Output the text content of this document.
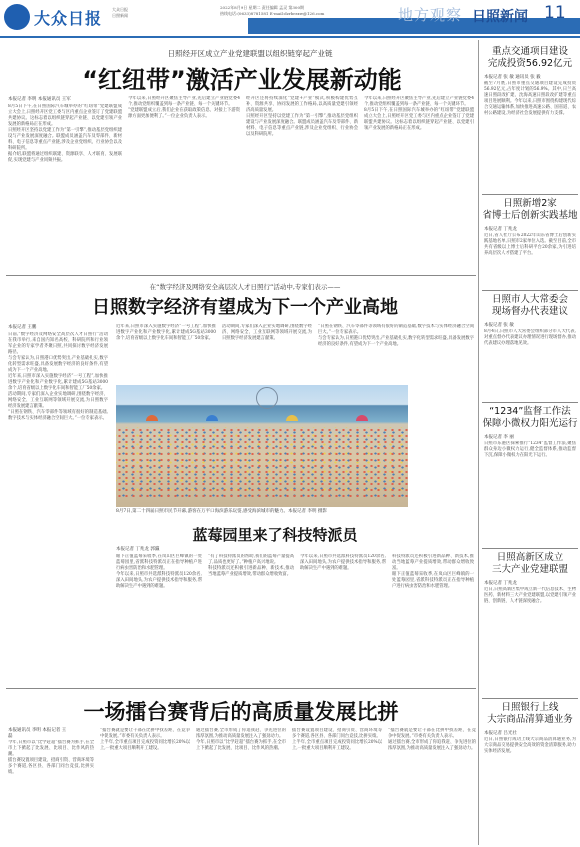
大众日报 大众日报
日照新闻
2022年8月9日 星期二 责任编辑 孟灵 第300期
热线电话:(0633)8781581 E-mail:dzrbrzxw@126.com	地方观察 日照新闻 11
日照经开区成立产业党建联盟以组织链穿起产业链
“红纽带”激活产业发展新动能
本报记者 李明 本报通讯员 王军

8月5日下午,在日照国际汽车城举办的“红纽带”党建联盟成立大会上,日照经开区党工委与区内重点企业签订了党建联盟共建协议。这标志着以组织链穿起产业链、以党建引领产业发展的新格局正在形成。

日照经开区坚持以党建工作为“第一引擎”,推动基层党组织建设与产业发展深度融合。联盟成员涵盖汽车及零部件、新材料、电子信息等重点产业链,涉及企业党组织、行业协会以及科研院所。

据介绍,联盟将通过组织联建、资源联享、人才联育、发展联促,实现党建与产业同频共振。

今年以来,日照经开区聚焦主导产业,先后建立产业链党委4个,推动党组织覆盖到每一条产业链、每一个关键环节。

“党建联盟成立后,我们企业在获取政策信息、对接上下游资源方面更加便利了。”一位企业负责人表示。

经开区还将持续深化“党建+产业”模式,积极构建优势互补、资源共享、协同发展的工作格局,以高质量党建引领经济高质量发展。

日照经开区坚持以党建工作为“第一引擎”,推动基层党组织建设与产业发展深度融合。联盟成员涵盖汽车及零部件、新材料、电子信息等重点产业链,涉及企业党组织、行业协会以及科研院所。

今年以来,日照经开区聚焦主导产业,先后建立产业链党委4个,推动党组织覆盖到每一条产业链、每一个关键环节。

8月5日下午,在日照国际汽车城举办的“红纽带”党建联盟成立大会上,日照经开区党工委与区内重点企业签订了党建联盟共建协议。这标志着以组织链穿起产业链、以党建引领产业发展的新格局正在形成。

在“数字经济及网络安全高层次人才日照行”活动中,专家们表示——
日照数字经济有望成为下一个产业高地
本报记者 王鹏

日前,“数字经济及网络安全高层次人才日照行”活动在我市举行,来自国内知名高校、科研院所和行业领军企业的专家学者齐聚日照,共同探讨数字经济发展路径。

与会专家认为,日照港口优势突出,产业基础扎实,数字化转型需求旺盛,具备发展数字经济的良好条件,有望成为下一个产业高地。

近年来,日照市深入实施数字经济“一号工程”,加快推进数字产业化和产业数字化,累计建成5G基站3000余个,培育省级以上数字化车间和智能工厂50余家。

活动期间,专家们深入企业实地调研,围绕数字经济、网络安全、工业互联网等领域开展交流,为日照数字经济发展建言献策。

“日照在钢铁、汽车零部件等领域有很好的制造基础,数字技术与实体经济融合空间巨大。”一位专家表示。

近年来,日照市深入实施数字经济“一号工程”,加快推进数字产业化和产业数字化,累计建成5G基站3000余个,培育省级以上数字化车间和智能工厂50余家。

活动期间,专家们深入企业实地调研,围绕数字经济、网络安全、工业互联网等领域开展交流,为日照数字经济发展建言献策。

“日照在钢铁、汽车零部件等领域有很好的制造基础,数字技术与实体经济融合空间巨大。”一位专家表示。

与会专家认为,日照港口优势突出,产业基础扎实,数字化转型需求旺盛,具备发展数字经济的良好条件,有望成为下一个产业高地。

8月7日,第二十四届日照市民节开幕,游客在万平口海滨游乐玩耍,感受海滨城市的魅力。本报记者 李明 摄影
蓝莓园里来了科技特派员
本报记者 丁兆龙 郭瀛

眼下正值蓝莓采收季,在岚山区巨峰镇的一处蓝莓园里,省派科技特派员正在指导种植户进行病虫害防治和水肥管理。

今年以来,日照市共选派科技特派员120余名,深入田间地头,为农户提供技术指导和服务,帮助解决生产中遇到的难题。

“有了科技特派员的帮助,我们的蓝莓产量提高了,品质也更好了。”种植户高兴地说。

科技特派员还积极引进新品种、新技术,推动当地蓝莓产业提质增效,带动群众增收致富。

今年以来,日照市共选派科技特派员120余名,深入田间地头,为农户提供技术指导和服务,帮助解决生产中遇到的难题。

科技特派员还积极引进新品种、新技术,推动当地蓝莓产业提质增效,带动群众增收致富。

眼下正值蓝莓采收季,在岚山区巨峰镇的一处蓝莓园里,省派科技特派员正在指导种植户进行病虫害防治和水肥管理。

一场擂台赛背后的高质量发展比拼
本报通讯员 李明 本报记者 王磊

今年,日照市以“比学赶超”擂台赛为抓手,在全市上下掀起了比发展、比项目、比作风的热潮。

擂台赛设置项目建设、招商引资、营商环境等多个赛道,各区县、各部门同台竞技,比拼实绩。

“擂台赛就是要让干部在比拼中找差距、在竞争中促发展。”市委有关负责人表示。

上半年,全市重点项目完成投资同比增长20%以上,一批重大项目顺利开工建设。

通过擂台赛,全市形成了你追我赶、争先进位的浓厚氛围,为推动高质量发展注入了强劲动力。

今年,日照市以“比学赶超”擂台赛为抓手,在全市上下掀起了比发展、比项目、比作风的热潮。

擂台赛设置项目建设、招商引资、营商环境等多个赛道,各区县、各部门同台竞技,比拼实绩。

上半年,全市重点项目完成投资同比增长20%以上,一批重大项目顺利开工建设。

“擂台赛就是要让干部在比拼中找差距、在竞争中促发展。”市委有关负责人表示。

通过擂台赛,全市形成了你追我赶、争先进位的浓厚氛围,为推动高质量发展注入了强劲动力。

重点交通项目建设
完成投资56.92亿元
本报记者 张 敏 通讯员 张 毅
截至7月底,日照市重点交通项目建设完成投资56.92亿元,占年度计划的56.9%。其中,日兰高速日照段改扩建、沈海高速日照段改扩建等重点项目进展顺利。今年以来,日照市围绕构建现代综合交通运输体系,加快推进高速公路、国省道、农村公路建设,为经济社会发展提供有力支撑。
日照新增2家
省博士后创新实践基地
本报记者 丁兆龙
近日,省人社厅公布2022年山东省博士后创新实践基地名单,日照市2家单位入选。截至目前,全市共有省级以上博士后科研平台20余家,为引进培养高层次人才搭建了平台。
日照市人大常委会
现场督办代表建议
本报记者 张 敏
8月4日,日照市人大常委会组织部分市人大代表,对重点督办代表建议办理情况进行现场督办,推动代表建议办理落地见效。
“1234”监督工作法
保障小微权力阳光运行
本报记者 李 丽
日照市东港区探索推行“1234”监督工作法,聚焦群众身边小微权力运行,健全监督体系,推动监督下沉,保障小微权力在阳光下运行。
日照高新区成立
三大产业党建联盟
本报记者 丁兆龙
近日,日照高新区集中成立新一代信息技术、生物医药、新材料三大产业党建联盟,以党建引领产业链、创新链、人才链深度融合。
日照银行上线
大宗商品清算通业务
本报记者 吕光社
近日,日照银行成功上线大宗商品清算通业务,为大宗商品交易提供安全高效的资金清算服务,助力实体经济发展。
